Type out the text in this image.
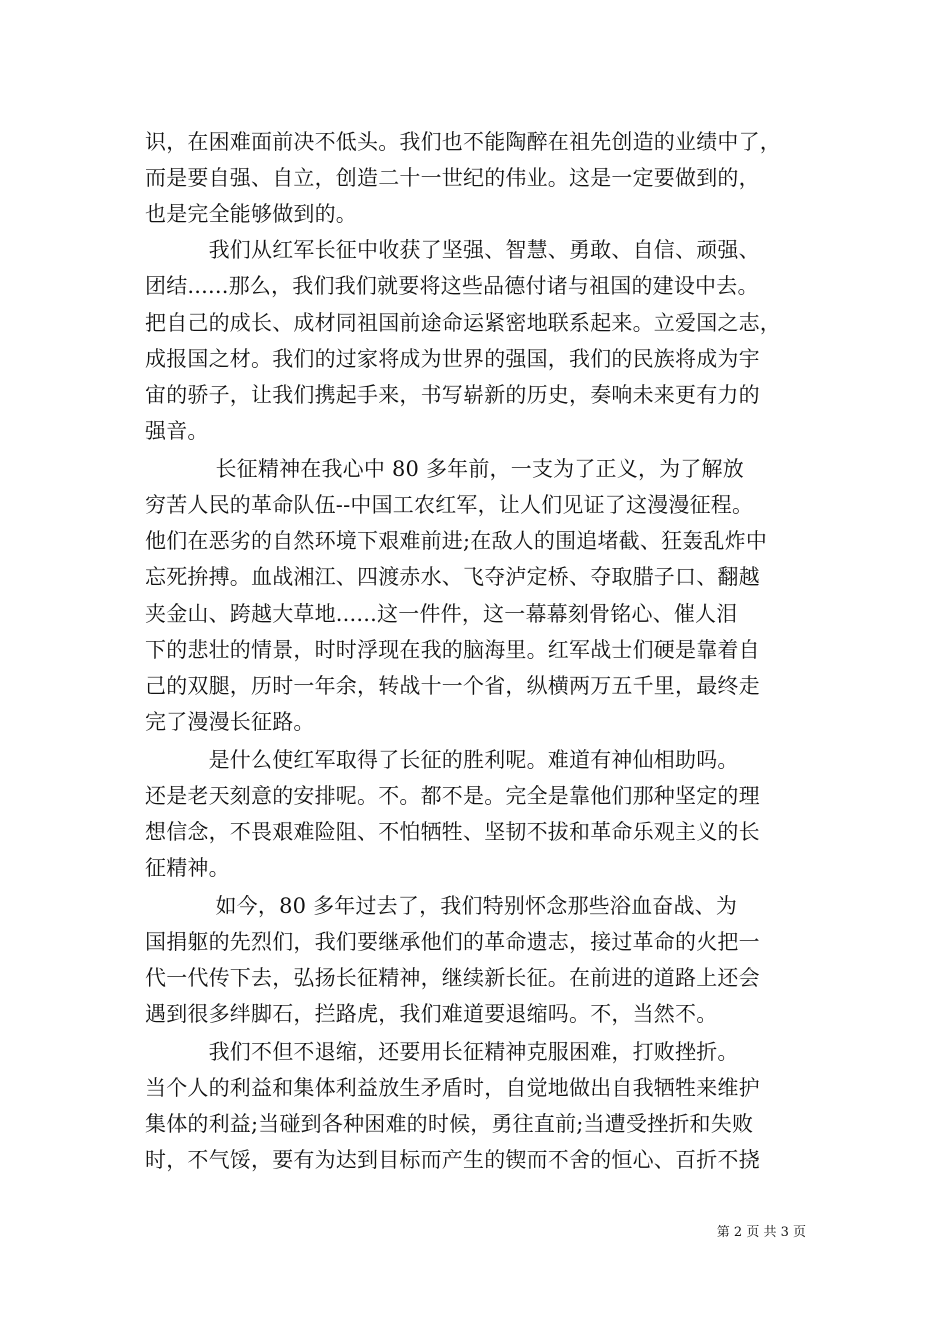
识，在困难面前决不低头。我们也不能陶醉在祖先创造的业绩中了，
而是要自强、自立，创造二十一世纪的伟业。这是一定要做到的，
也是完全能够做到的。
　　　我们从红军长征中收获了坚强、智慧、勇敢、自信、顽强、
团结......那么，我们我们就要将这些品德付诸与祖国的建设中去。
把自己的成长、成材同祖国前途命运紧密地联系起来。立爱国之志，
成报国之材。我们的过家将成为世界的强国，我们的民族将成为宇
宙的骄子，让我们携起手来，书写崭新的历史，奏响未来更有力的
强音。
　　　 长征精神在我心中 80 多年前，一支为了正义，为了解放
穷苦人民的革命队伍--中国工农红军，让人们见证了这漫漫征程。
他们在恶劣的自然环境下艰难前进;在敌人的围追堵截、狂轰乱炸中
忘死拚搏。血战湘江、四渡赤水、飞夺泸定桥、夺取腊子口、翻越
夹金山、跨越大草地......这一件件，这一幕幕刻骨铭心、催人泪
下的悲壮的情景，时时浮现在我的脑海里。红军战士们硬是靠着自
己的双腿，历时一年余，转战十一个省，纵横两万五千里，最终走
完了漫漫长征路。
　　　是什么使红军取得了长征的胜利呢。难道有神仙相助吗。
还是老天刻意的安排呢。不。都不是。完全是靠他们那种坚定的理
想信念，不畏艰难险阻、不怕牺牲、坚韧不拔和革命乐观主义的长
征精神。
　　　 如今，80 多年过去了，我们特别怀念那些浴血奋战、为
国捐躯的先烈们，我们要继承他们的革命遗志，接过革命的火把一
代一代传下去，弘扬长征精神，继续新长征。在前进的道路上还会
遇到很多绊脚石，拦路虎，我们难道要退缩吗。不，当然不。
　　　我们不但不退缩，还要用长征精神克服困难，打败挫折。
当个人的利益和集体利益放生矛盾时，自觉地做出自我牺牲来维护
集体的利益;当碰到各种困难的时候，勇往直前;当遭受挫折和失败
时，不气馁，要有为达到目标而产生的锲而不舍的恒心、百折不挠
第 2 页 共 3 页
